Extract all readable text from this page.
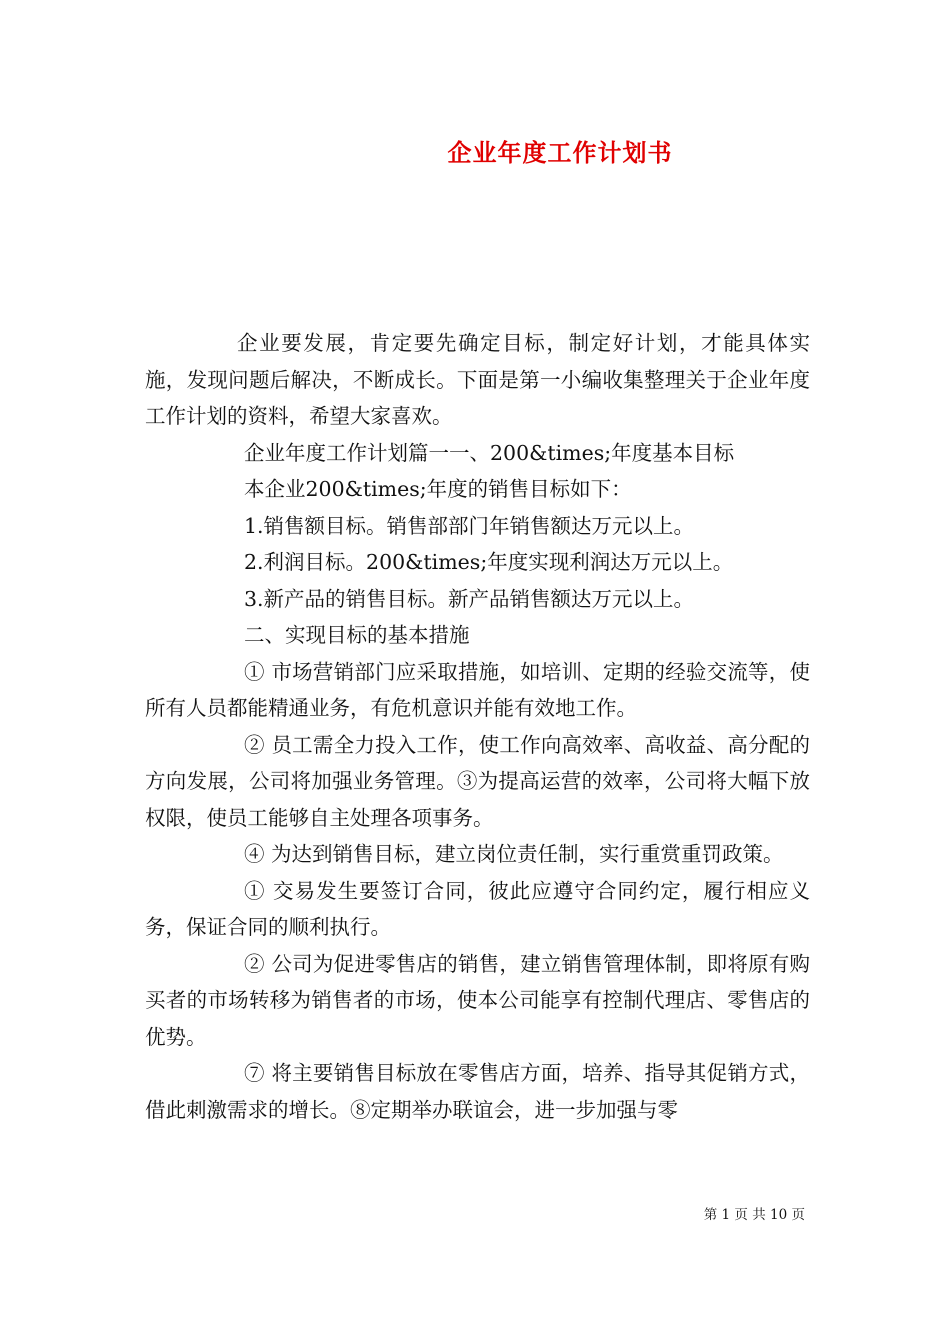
企业年度工作计划书

企业要发展，肯定要先确定目标，制定好计划，才能具体实施，发现问题后解决，不断成长。下面是第一小编收集整理关于企业年度工作计划的资料，希望大家喜欢。

企业年度工作计划篇一一、200&times;年度基本目标

本企业200&times;年度的销售目标如下：

1.销售额目标。销售部部门年销售额达万元以上。

2.利润目标。200&times;年度实现利润达万元以上。

3.新产品的销售目标。新产品销售额达万元以上。

二、实现目标的基本措施

① 市场营销部门应采取措施，如培训、定期的经验交流等，使所有人员都能精通业务，有危机意识并能有效地工作。

② 员工需全力投入工作，使工作向高效率、高收益、高分配的方向发展，公司将加强业务管理。③为提高运营的效率，公司将大幅下放权限，使员工能够自主处理各项事务。

④ 为达到销售目标，建立岗位责任制，实行重赏重罚政策。

① 交易发生要签订合同，彼此应遵守合同约定，履行相应义务，保证合同的顺利执行。

② 公司为促进零售店的销售，建立销售管理体制，即将原有购买者的市场转移为销售者的市场，使本公司能享有控制代理店、零售店的优势。

⑦ 将主要销售目标放在零售店方面，培养、指导其促销方式，借此刺激需求的增长。⑧定期举办联谊会，进一步加强与零

第 1 页 共 10 页
